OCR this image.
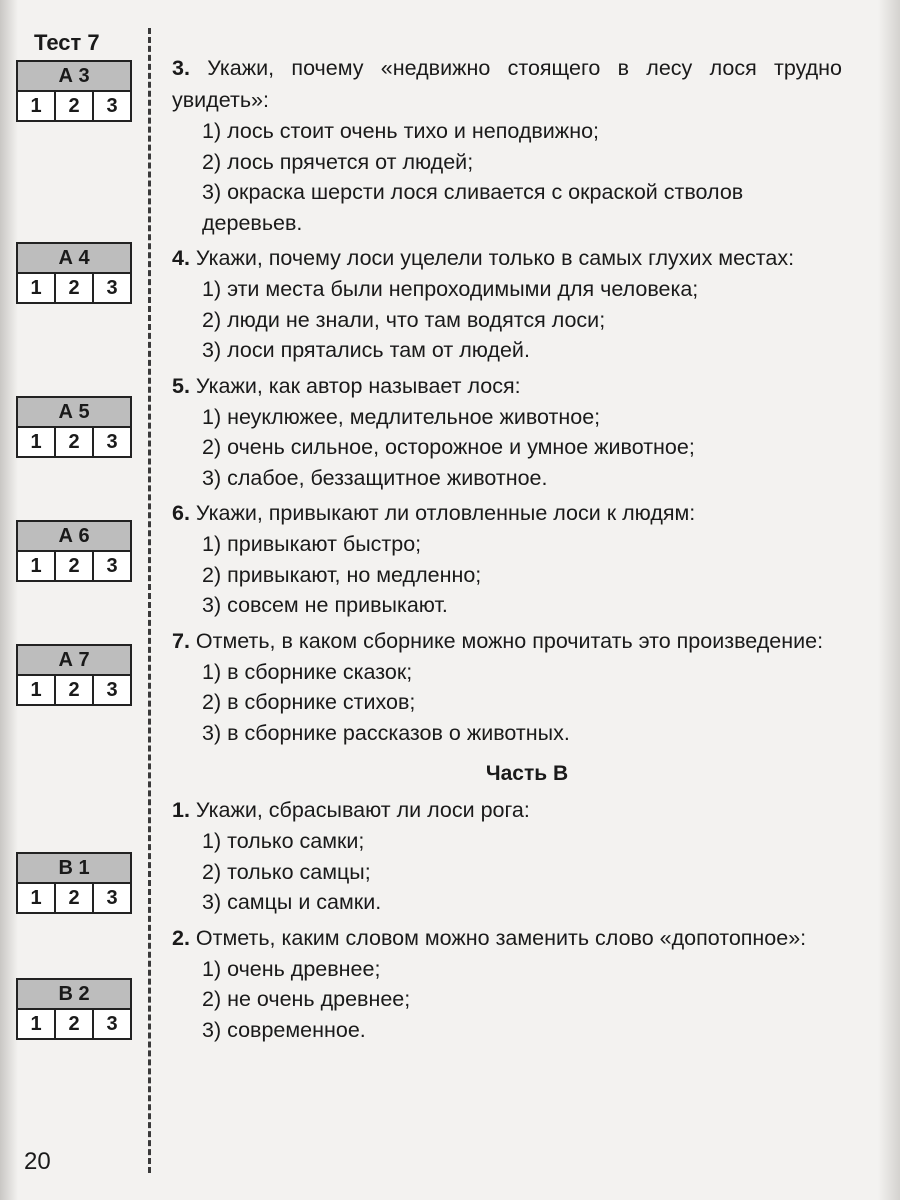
Тест 7
А 3
1	2	3
А 4
1	2	3
А 5
1	2	3
А 6
1	2	3
А 7
1	2	3
В 1
1	2	3
В 2
1	2	3

3. Укажи, почему «недвижно стоящего в лесу лося трудно увидеть»:

1) лось стоит очень тихо и неподвижно;
2) лось прячется от людей;
3) окраска шерсти лося сливается с окраской стволов деревьев.

4. Укажи, почему лоси уцелели только в самых глухих местах:

1) эти места были непроходимыми для человека;
2) люди не знали, что там водятся лоси;
3) лоси прятались там от людей.

5. Укажи, как автор называет лося:

1) неуклюжее, медлительное животное;
2) очень сильное, осторожное и умное животное;
3) слабое, беззащитное животное.

6. Укажи, привыкают ли отловленные лоси к людям:

1) привыкают быстро;
2) привыкают, но медленно;
3) совсем не привыкают.

7. Отметь, в каком сборнике можно прочитать это произведение:

1) в сборнике сказок;
2) в сборнике стихов;
3) в сборнике рассказов о животных.
Часть В

1. Укажи, сбрасывают ли лоси рога:

1) только самки;
2) только самцы;
3) самцы и самки.

2. Отметь, каким словом можно заменить слово «допотопное»:

1) очень древнее;
2) не очень древнее;
3) современное.
20
